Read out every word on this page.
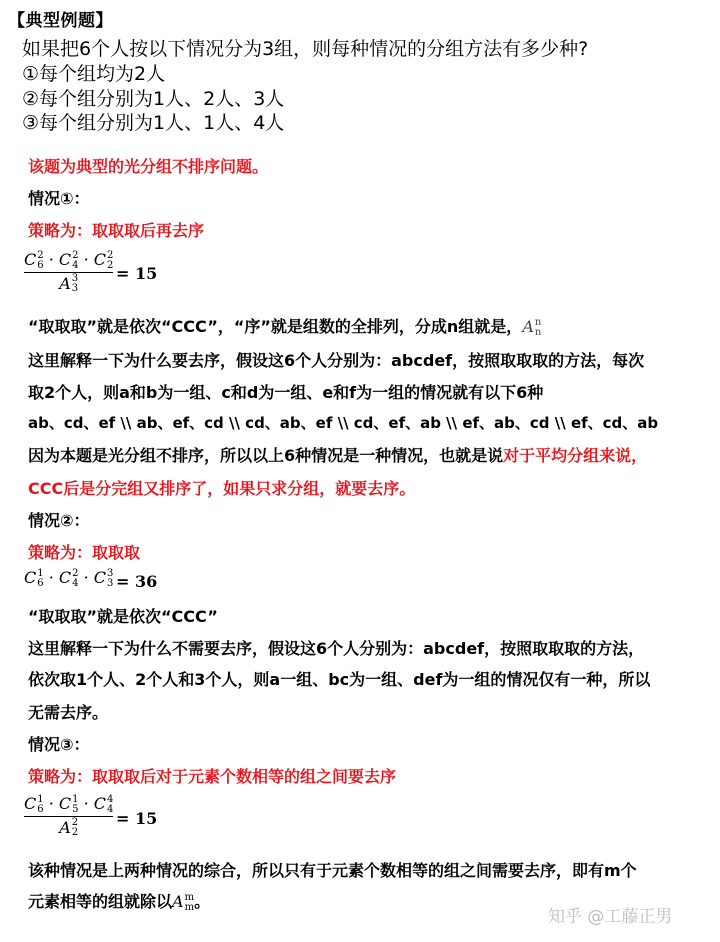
【典型例题】
如果把6个人按以下情况分为3组，则每种情况的分组方法有多少种?
①每个组均为2人
②每个组分别为1人、2人、3人
③每个组分别为1人、1人、4人
该题为典型的光分组不排序问题。
情况①：
策略为：取取取后再去序
C 2
6 · C 2
4 · C 2
2
A 3
3
= 15
“取取取”就是依次“CCC”，“序”就是组数的全排列，分成n组就是，A n
n
这里解释一下为什么要去序，假设这6个人分别为：abcdef，按照取取取的方法，每次
取2个人，则a和b为一组、c和d为一组、e和f为一组的情况就有以下6种
ab、cd、ef \\ ab、ef、cd \\ cd、ab、ef \\ cd、ef、ab \\ ef、ab、cd \\ ef、cd、ab
因为本题是光分组不排序，所以以上6种情况是一种情况，也就是说对于平均分组来说，
CCC后是分完组又排序了，如果只求分组，就要去序。
情况②：
策略为：取取取
C 1
6 · C 2
4 · C 3
3 = 36
“取取取”就是依次“CCC”
这里解释一下为什么不需要去序，假设这6个人分别为：abcdef，按照取取取的方法，
依次取1个人、2个人和3个人，则a一组、bc为一组、def为一组的情况仅有一种，所以
无需去序。
情况③：
策略为：取取取后对于元素个数相等的组之间要去序
C 1
6 · C 1
5 · C 4
4
A 2
2
= 15
该种情况是上两种情况的综合，所以只有于元素个数相等的组之间需要去序，即有m个
元素相等的组就除以A m
m 。
知乎 @工藤正男
